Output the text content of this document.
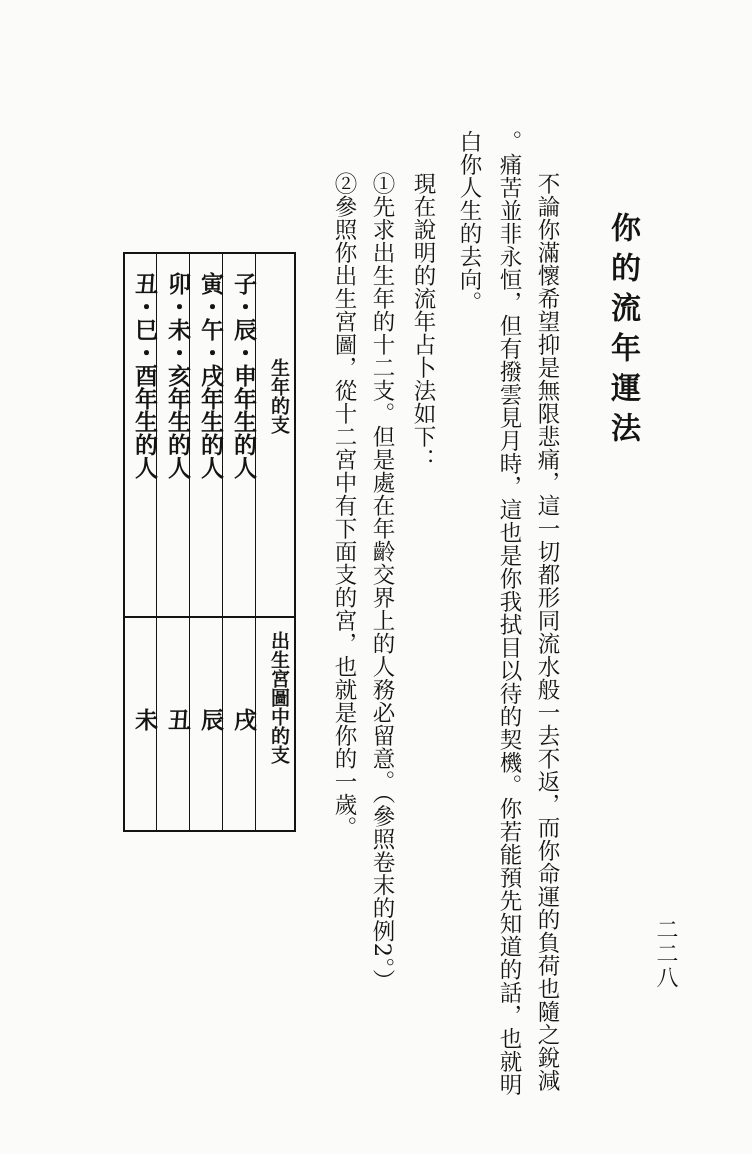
二二八
你的流年運法
不論你滿懷希望抑是無限悲痛，這一切都形同流水般一去不返，而你命運的負荷也隨之銳減
。痛苦並非永恒，但有撥雲見月時，這也是你我拭目以待的契機。你若能預先知道的話，也就明
白你人生的去向。
現在說明的流年占卜法如下：
①先求出生年的十二支。但是處在年齡交界上的人務必留意。（參照卷末的例2。）
②參照你出生宮圖，從十二宮中有下面支的宮，也就是你的一歲。
生年的支
出生宮圖中的支
子・辰・申年生的人
戌
寅・午・戌年生的人
辰
卯・未・亥年生的人
丑
丑・巳・酉年生的人
未
